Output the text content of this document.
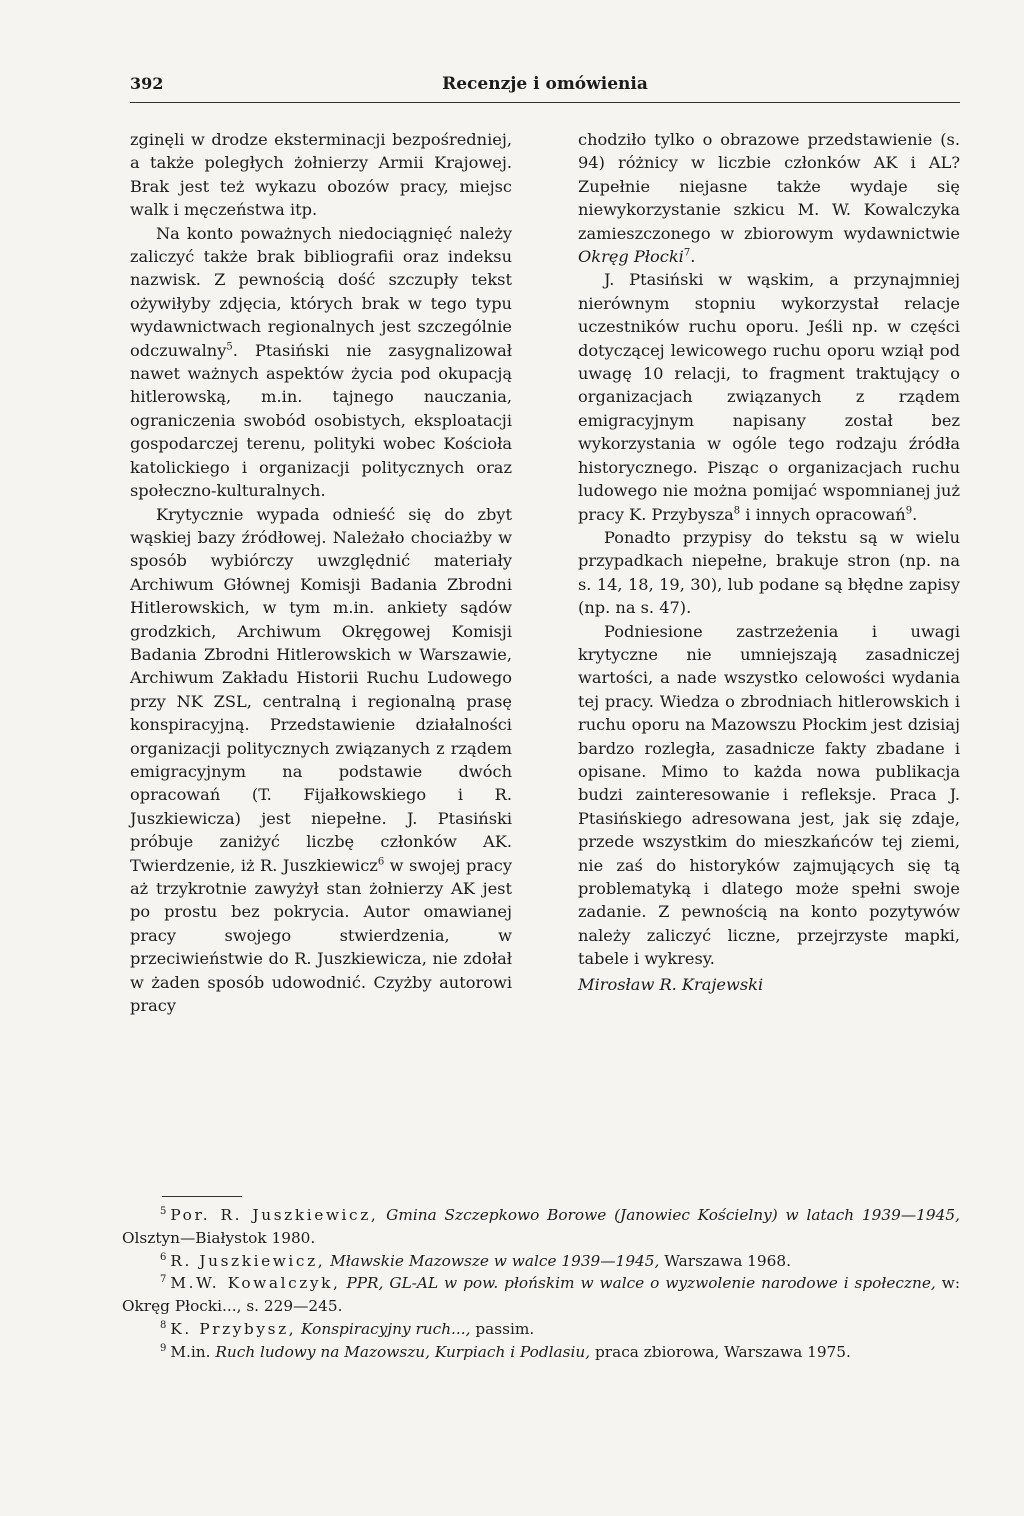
392	Recenzje i omówienia

zginęli w drodze eksterminacji bezpośredniej, a także poległych żołnierzy Armii Krajowej. Brak jest też wykazu obozów pracy, miejsc walk i męczeństwa itp.

Na konto poważnych niedociągnięć należy zaliczyć także brak bibliografii oraz indeksu nazwisk. Z pewnością dość szczupły tekst ożywiłyby zdjęcia, których brak w tego typu wydawnictwach regionalnych jest szczególnie odczuwalny$^5$. Ptasiński nie zasygnalizował nawet ważnych aspektów życia pod okupacją hitlerowską, m.in. tajnego nauczania, ograniczenia swobód osobistych, eksploatacji gospodarczej terenu, polityki wobec Kościoła katolickiego i organizacji politycznych oraz społeczno-kulturalnych.

Krytycznie wypada odnieść się do zbyt wąskiej bazy źródłowej. Należało chociażby w sposób wybiórczy uwzględnić materiały Archiwum Głównej Komisji Badania Zbrodni Hitlerowskich, w tym m.in. ankiety sądów grodzkich, Archiwum Okręgowej Komisji Badania Zbrodni Hitlerowskich w Warszawie, Archiwum Zakładu Historii Ruchu Ludowego przy NK ZSL, centralną i regionalną prasę konspiracyjną. Przedstawienie działalności organizacji politycznych związanych z rządem emigracyjnym na podstawie dwóch opracowań (T. Fijałkowskiego i R. Juszkiewicza) jest niepełne. J. Ptasiński próbuje zaniżyć liczbę członków AK. Twierdzenie, iż R. Juszkiewicz$^6$ w swojej pracy aż trzykrotnie zawyżył stan żołnierzy AK jest po prostu bez pokrycia. Autor omawianej pracy swojego stwierdzenia, w przeciwieństwie do R. Juszkiewicza, nie zdołał w żaden sposób udowodnić. Czyżby autorowi pracy

chodziło tylko o obrazowe przedstawienie (s. 94) różnicy w liczbie członków AK i AL? Zupełnie niejasne także wydaje się niewykorzystanie szkicu M. W. Kowalczyka zamieszczonego w zbiorowym wydawnictwie Okręg Płocki$^7$.

J. Ptasiński w wąskim, a przynajmniej nierównym stopniu wykorzystał relacje uczestników ruchu oporu. Jeśli np. w części dotyczącej lewicowego ruchu oporu wziął pod uwagę 10 relacji, to fragment traktujący o organizacjach związanych z rządem emigracyjnym napisany został bez wykorzystania w ogóle tego rodzaju źródła historycznego. Pisząc o organizacjach ruchu ludowego nie można pomijać wspomnianej już pracy K. Przybysza$^8$ i innych opracowań$^9$.

Ponadto przypisy do tekstu są w wielu przypadkach niepełne, brakuje stron (np. na s. 14, 18, 19, 30), lub podane są błędne zapisy (np. na s. 47).

Podniesione zastrzeżenia i uwagi krytyczne nie umniejszają zasadniczej wartości, a nade wszystko celowości wydania tej pracy. Wiedza o zbrodniach hitlerowskich i ruchu oporu na Mazowszu Płockim jest dzisiaj bardzo rozległa, zasadnicze fakty zbadane i opisane. Mimo to każda nowa publikacja budzi zainteresowanie i refleksje. Praca J. Ptasińskiego adresowana jest, jak się zdaje, przede wszystkim do mieszkańców tej ziemi, nie zaś do historyków zajmujących się tą problematyką i dlatego może spełni swoje zadanie. Z pewnością na konto pozytywów należy zaliczyć liczne, przejrzyste mapki, tabele i wykresy.

Mirosław R. Krajewski

$^5$ Por. R. Juszkiewicz, Gmina Szczepkowo Borowe (Janowiec Kościelny) w latach 1939—1945, Olsztyn—Białystok 1980.

$^6$ R. Juszkiewicz, Mławskie Mazowsze w walce 1939—1945, Warszawa 1968.

$^7$ M.W. Kowalczyk, PPR, GL-AL w pow. płońskim w walce o wyzwolenie narodowe i społeczne, w: Okręg Płocki..., s. 229—245.

$^8$ K. Przybysz, Konspiracyjny ruch..., passim.

$^9$ M.in. Ruch ludowy na Mazowszu, Kurpiach i Podlasiu, praca zbiorowa, Warszawa 1975.
